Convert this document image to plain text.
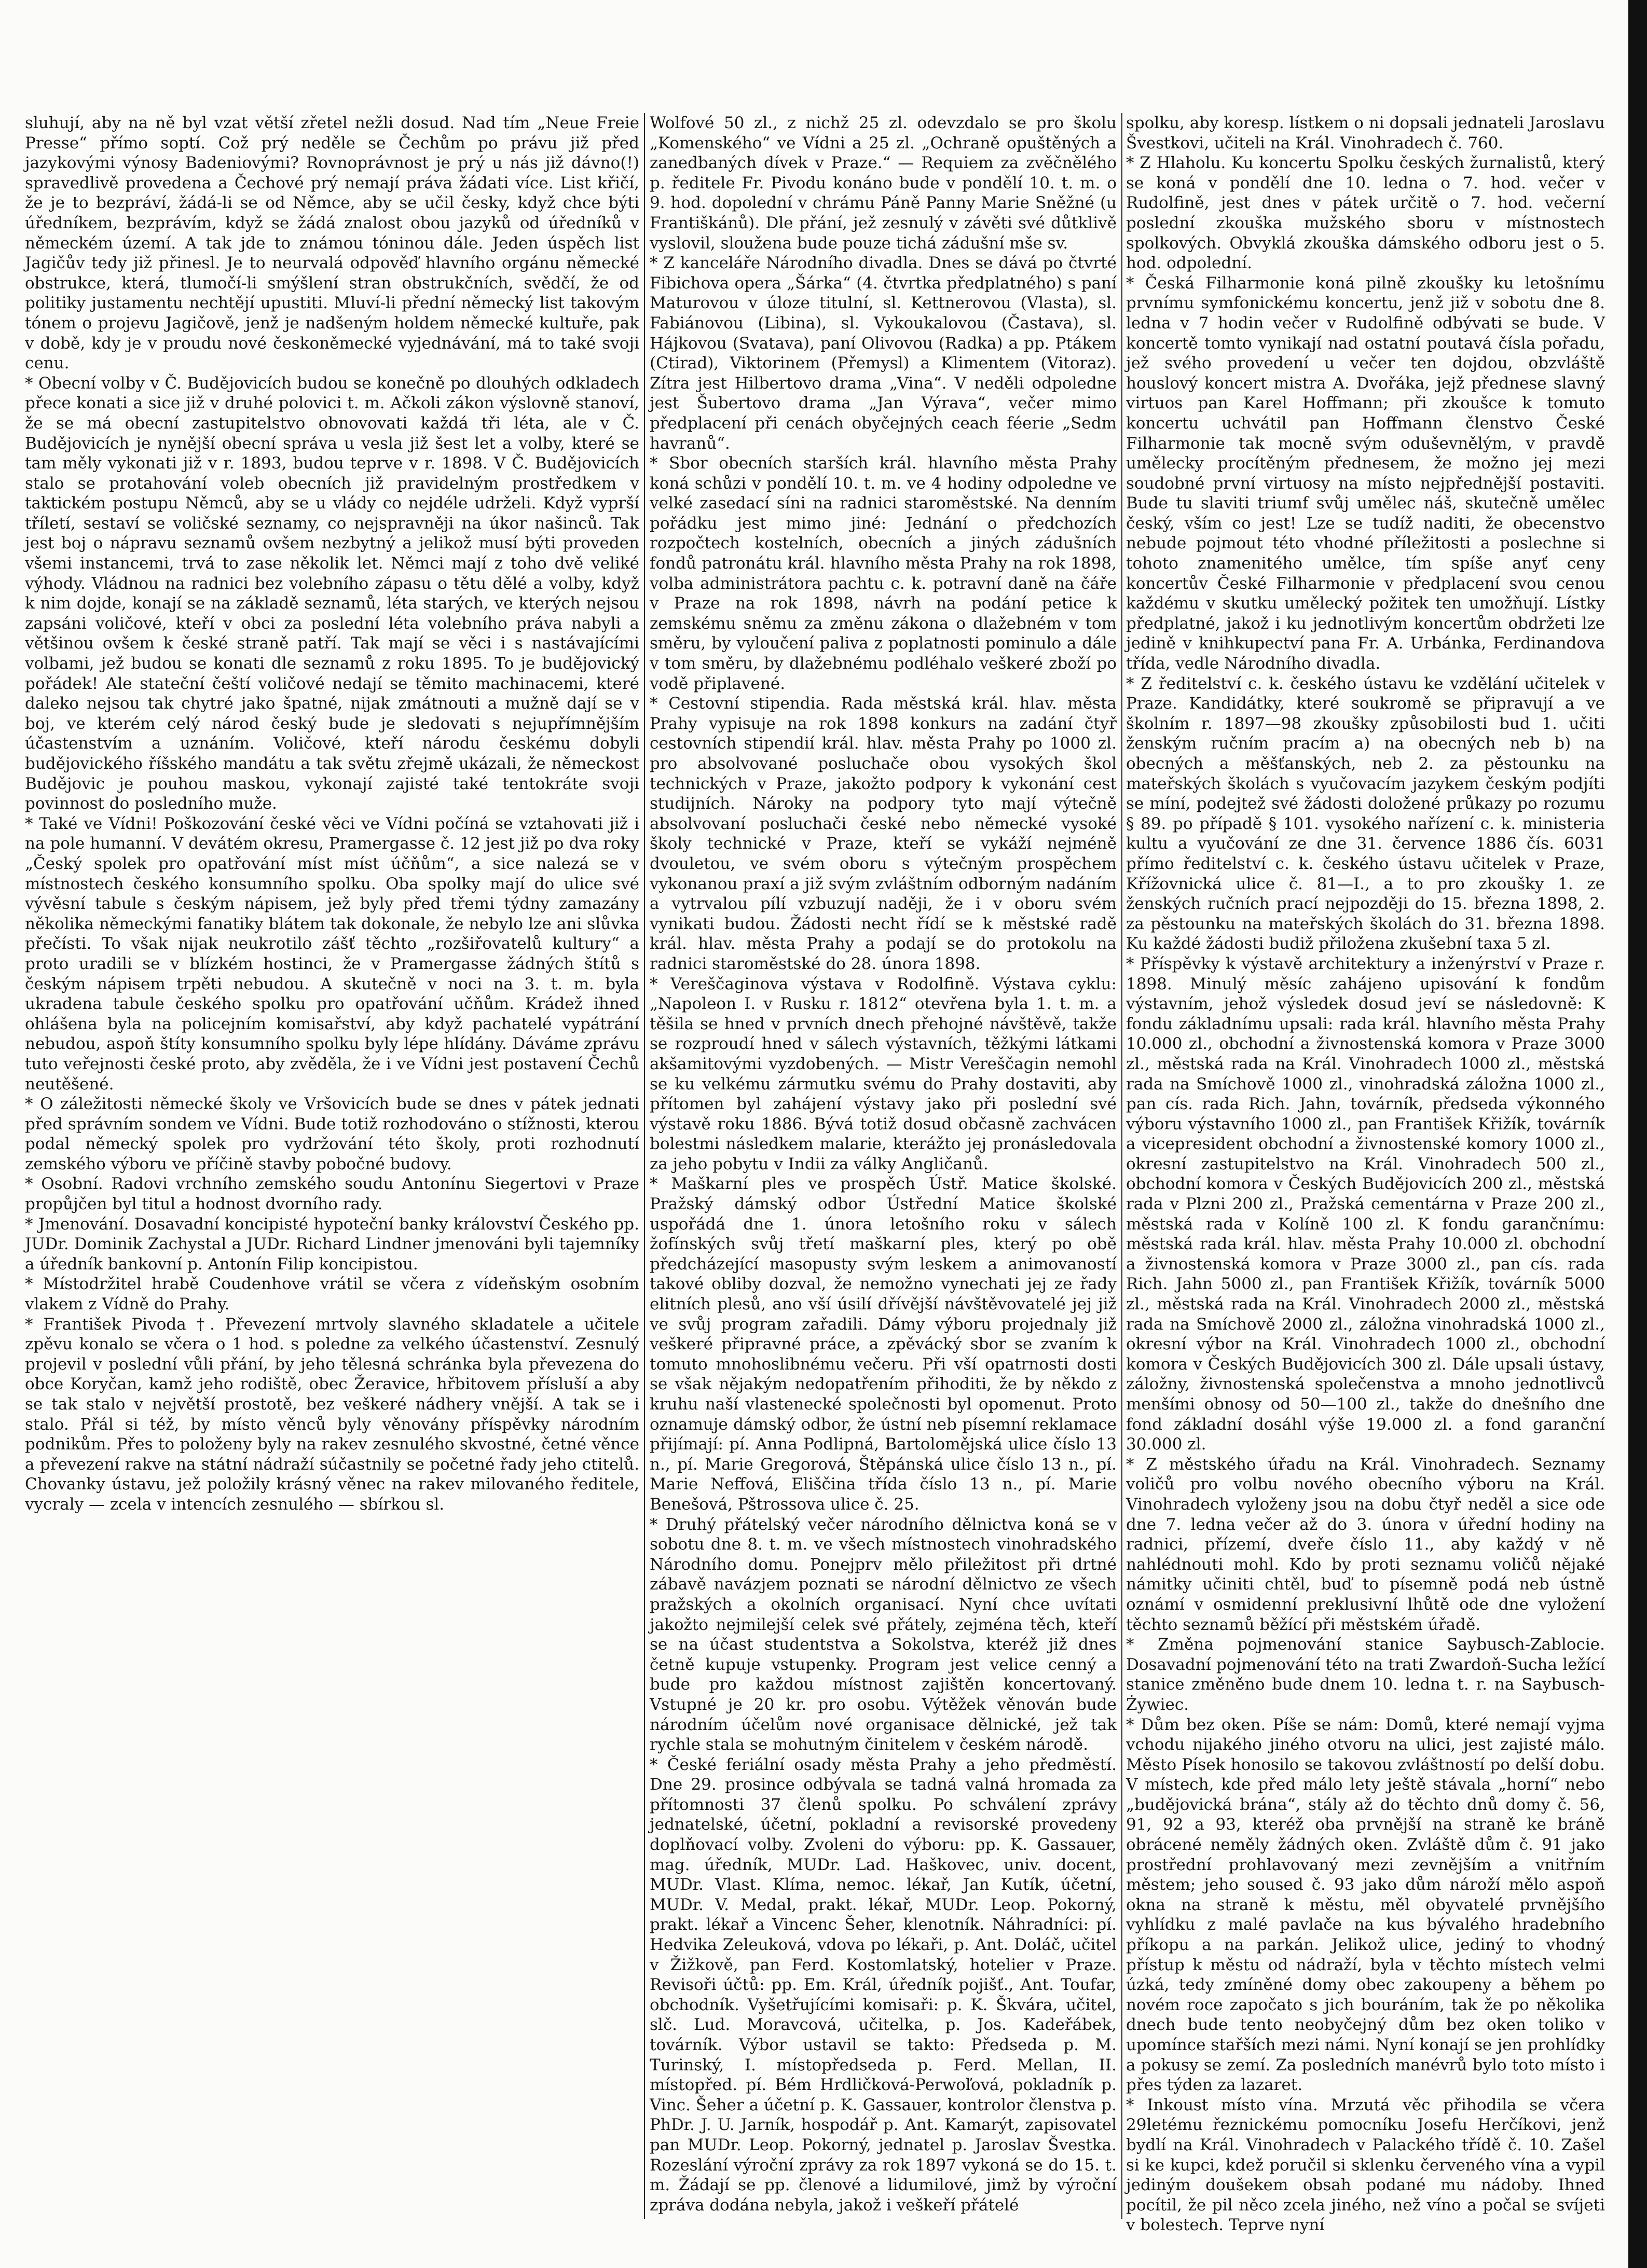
sluhují, aby na ně byl vzat větší zřetel nežli dosud. Nad tím „Neue Freie Presse“ přímo soptí. Což prý neděle se Čechům po právu již před jazykovými výnosy Badeniovými? Rovnoprávnost je prý u nás již dávno(!) spravedlivě provedena a Čechové prý nemají práva žádati více. List křičí, že je to bezpráví, žádá-li se od Němce, aby se učil česky, když chce býti úředníkem, bezprávím, když se žádá znalost obou jazyků od úředníků v německém území. A tak jde to známou tóninou dále. Jeden úspěch list Jagičův tedy již přinesl. Je to neurvalá odpověď hlavního orgánu německé obstrukce, která, tlumočí-li smýšlení stran obstrukčních, svědčí, že od politiky justamentu nechtějí upustiti. Mluví-li přední německý list takovým tónem o projevu Jagičově, jenž je nadšeným holdem německé kultuře, pak v době, kdy je v proudu nové českoněmecké vyjednávání, má to také svoji cenu.

* Obecní volby v Č. Budějovicích budou se konečně po dlouhých odkladech přece konati a sice již v druhé polovici t. m. Ačkoli zákon výslovně stanoví, že se má obecní zastupitelstvo obnovovati každá tři léta, ale v Č. Budějovicích je nynější obecní správa u vesla již šest let a volby, které se tam měly vykonati již v r. 1893, budou teprve v r. 1898. V Č. Budějovicích stalo se protahování voleb obecních již pravidelným prostředkem v taktickém postupu Němců, aby se u vlády co nejdéle udrželi. Když vyprší tříletí, sestaví se voličské seznamy, co nejspravněji na úkor našinců. Tak jest boj o nápravu seznamů ovšem nezbytný a jelikož musí býti proveden všemi instancemi, trvá to zase několik let. Němci mají z toho dvě veliké výhody. Vládnou na radnici bez volebního zápasu o tětu dělé a volby, když k nim dojde, konají se na základě seznamů, léta starých, ve kterých nejsou zapsáni voličové, kteří v obci za poslední léta volebního práva nabyli a většinou ovšem k české straně patří. Tak mají se věci i s nastávajícími volbami, jež budou se konati dle seznamů z roku 1895. To je budějovický pořádek! Ale stateční čeští voličové nedají se těmito machinacemi, které daleko nejsou tak chytré jako špatné, nijak zmátnouti a mužně dají se v boj, ve kterém celý národ český bude je sledovati s nejupřímnějším účastenstvím a uznáním. Voličové, kteří národu českému dobyli budějovického říšského mandátu a tak světu zřejmě ukázali, že německost Budějovic je pouhou maskou, vykonají zajisté také tentokráte svoji povinnost do posledního muže.

* Také ve Vídni! Poškozování české věci ve Vídni počíná se vztahovati již i na pole humanní. V devátém okresu, Pramergasse č. 12 jest již po dva roky „Český spolek pro opatřování míst míst účňům“, a sice nalezá se v místnostech českého konsumního spolku. Oba spolky mají do ulice své vývěsní tabule s českým nápisem, jež byly před třemi týdny zamazány několika německými fanatiky blátem tak dokonale, že nebylo lze ani slůvka přečísti. To však nijak neukrotilo zášť těchto „rozšiřovatelů kultury“ a proto uradili se v blízkém hostinci, že v Pramergasse žádných štítů s českým nápisem trpěti nebudou. A skutečně v noci na 3. t. m. byla ukradena tabule českého spolku pro opatřování učňům. Krádež ihned ohlášena byla na policejním komisařství, aby když pachatelé vypátrání nebudou, aspoň štíty konsumního spolku byly lépe hlídány. Dáváme zprávu tuto veřejnosti české proto, aby zvěděla, že i ve Vídni jest postavení Čechů neutěšené.

* O záležitosti německé školy ve Vršovicích bude se dnes v pátek jednati před správním sondem ve Vídni. Bude totiž rozhodováno o stížnosti, kterou podal německý spolek pro vydržování této školy, proti rozhodnutí zemského výboru ve příčině stavby pobočné budovy.

* Osobní. Radovi vrchního zemského soudu Antonínu Siegertovi v Praze propůjčen byl titul a hodnost dvorního rady.

* Jmenování. Dosavadní koncipisté hypoteční banky království Českého pp. JUDr. Dominik Zachystal a JUDr. Richard Lindner jmenováni byli tajemníky a úředník bankovní p. Antonín Filip koncipistou.

* Místodržitel hrabě Coudenhove vrátil se včera z vídeňským osobním vlakem z Vídně do Prahy.

* František Pivoda †. Převezení mrtvoly slavného skladatele a učitele zpěvu konalo se včera o 1 hod. s poledne za velkého účastenství. Zesnulý projevil v poslední vůli přání, by jeho tělesná schránka byla převezena do obce Koryčan, kamž jeho rodiště, obec Žeravice, hřbitovem přísluší a aby se tak stalo v největší prostotě, bez veškeré nádhery vnější. A tak se i stalo. Přál si též, by místo věnců byly věnovány příspěvky národním podnikům. Přes to položeny byly na rakev zesnulého skvostné, četné věnce a převezení rakve na státní nádraží súčastnily se početné řady jeho ctitelů. Chovanky ústavu, jež položily krásný věnec na rakev milovaného ředitele, vycraly — zcela v intencích zesnulého — sbírkou sl.

Wolfové 50 zl., z nichž 25 zl. odevzdalo se pro školu „Komenského“ ve Vídni a 25 zl. „Ochraně opuštěných a zanedbaných dívek v Praze.“ — Requiem za zvěčnělého p. ředitele Fr. Pivodu konáno bude v pondělí 10. t. m. o 9. hod. dopolední v chrámu Páně Panny Marie Sněžné (u Františkánů). Dle přání, jež zesnulý v závěti své důtklivě vyslovil, sloužena bude pouze tichá zádušní mše sv.

* Z kanceláře Národního divadla. Dnes se dává po čtvrté Fibichova opera „Šárka“ (4. čtvrtka předplatného) s paní Maturovou v úloze titulní, sl. Kettnerovou (Vlasta), sl. Fabiánovou (Libina), sl. Vykoukalovou (Častava), sl. Hájkovou (Svatava), paní Olivovou (Radka) a pp. Ptákem (Ctirad), Viktorinem (Přemysl) a Klimentem (Vitoraz). Zítra jest Hilbertovo drama „Vina“. V neděli odpoledne jest Šubertovo drama „Jan Výrava“, večer mimo předplacení při cenách obyčejných ceach féerie „Sedm havranů“.

* Sbor obecních starších král. hlavního města Prahy koná schůzi v pondělí 10. t. m. ve 4 hodiny odpoledne ve velké zasedací síni na radnici staroměstské. Na denním pořádku jest mimo jiné: Jednání o předchozích rozpočtech kostelních, obecních a jiných zádušních fondů patronátu král. hlavního města Prahy na rok 1898, volba administrátora pachtu c. k. potravní daně na čáře v Praze na rok 1898, návrh na podání petice k zemskému sněmu za změnu zákona o dlažebném v tom směru, by vyloučení paliva z poplatnosti pominulo a dále v tom směru, by dlažebnému podléhalo veškeré zboží po vodě připlavené.

* Cestovní stipendia. Rada městská král. hlav. města Prahy vypisuje na rok 1898 konkurs na zadání čtyř cestovních stipendií král. hlav. města Prahy po 1000 zl. pro absolvované posluchače obou vysokých škol technických v Praze, jakožto podpory k vykonání cest studijních. Nároky na podpory tyto mají výtečně absolvovaní posluchači české nebo německé vysoké školy technické v Praze, kteří se vykáží nejméně dvouletou, ve svém oboru s výtečným prospěchem vykonanou praxí a již svým zvláštním odborným nadáním a vytrvalou pílí vzbuzují naději, že i v oboru svém vynikati budou. Žádosti necht řídí se k městské radě král. hlav. města Prahy a podají se do protokolu na radnici staroměstské do 28. února 1898.

* Vereščaginova výstava v Rodolfině. Výstava cyklu: „Napoleon I. v Rusku r. 1812“ otevřena byla 1. t. m. a těšila se hned v prvních dnech přehojné návštěvě, takže se rozproudí hned v sálech výstavních, těžkými látkami akšamitovými vyzdobených. — Mistr Vereščagin nemohl se ku velkému zármutku svému do Prahy dostaviti, aby přítomen byl zahájení výstavy jako při poslední své výstavě roku 1886. Bývá totiž dosud občasně zachvácen bolestmi následkem malarie, kterážto jej pronásledovala za jeho pobytu v Indii za války Angličanů.

* Maškarní ples ve prospěch Ústř. Matice školské. Pražský dámský odbor Ústřední Matice školské uspořádá dne 1. února letošního roku v sálech žofínských svůj třetí maškarní ples, který po obě předcházející masopusty svým leskem a animovaností takové obliby dozval, že nemožno vynechati jej ze řady elitních plesů, ano vší úsilí dřívější návštěvovatelé jej již ve svůj program zařadili. Dámy výboru projednaly již veškeré připravné práce, a zpěvácký sbor se zvaním k tomuto mnohoslibnému večeru. Při vší opatrnosti dosti se však nějakým nedopatřením přihoditi, že by někdo z kruhu naší vlastenecké společnosti byl opomenut. Proto oznamuje dámský odbor, že ústní neb písemní reklamace přijímají: pí. Anna Podlipná, Bartolomějská ulice číslo 13 n., pí. Marie Gregorová, Štěpánská ulice číslo 13 n., pí. Marie Neffová, Eliščina třída číslo 13 n., pí. Marie Benešová, Pštrossova ulice č. 25.

* Druhý přátelský večer národního dělnictva koná se v sobotu dne 8. t. m. ve všech místnostech vinohradského Národního domu. Ponejprv mělo přiležitost při drtné zábavě navázjem poznati se národní dělnictvo ze všech pražských a okolních organisací. Nyní chce uvítati jakožto nejmilejší celek své přátely, zejména těch, kteří se na účast studentstva a Sokolstva, kteréž již dnes četně kupuje vstupenky. Program jest velice cenný a bude pro každou místnost zajištěn koncertovaný. Vstupné je 20 kr. pro osobu. Výtěžek věnován bude národním účelům nové organisace dělnické, jež tak rychle stala se mohutným činitelem v českém národě.

* České feriální osady města Prahy a jeho předměstí. Dne 29. prosince odbývala se tadná valná hromada za přítomnosti 37 členů spolku. Po schválení zprávy jednatelské, účetní, pokladní a revisorské provedeny doplňovací volby. Zvoleni do výboru: pp. K. Gassauer, mag. úředník, MUDr. Lad. Haškovec, univ. docent, MUDr. Vlast. Klíma, nemoc. lékař, Jan Kutík, účetní, MUDr. V. Medal, prakt. lékař, MUDr. Leop. Pokorný, prakt. lékař a Vincenc Šeher, klenotník. Náhradníci: pí. Hedvika Zeleuková, vdova po lékaři, p. Ant. Doláč, učitel v Žižkově, pan Ferd. Kostomlatský, hotelier v Praze. Revisoři účtů: pp. Em. Král, úředník pojišť., Ant. Toufar, obchodník. Vyšetřujícími komisaři: p. K. Škvára, učitel, slč. Lud. Moravcová, učitelka, p. Jos. Kadeřábek, továrník. Výbor ustavil se takto: Předseda p. M. Turinský, I. místopředseda p. Ferd. Mellan, II. místopřed. pí. Bém Hrdličková-Perwoľová, pokladník p. Vinc. Šeher a účetní p. K. Gassauer, kontrolor členstva p. PhDr. J. U. Jarník, hospodář p. Ant. Kamarýt, zapisovatel pan MUDr. Leop. Pokorný, jednatel p. Jaroslav Švestka. Rozeslání výroční zprávy za rok 1897 vykoná se do 15. t. m. Žádají se pp. členové a lidumilové, jimž by výroční zpráva dodána nebyla, jakož i veškeří přátelé

spolku, aby koresp. lístkem o ni dopsali jednateli Jaroslavu Švestkovi, učiteli na Král. Vinohradech č. 760.

* Z Hlaholu. Ku koncertu Spolku českých žurnalistů, který se koná v pondělí dne 10. ledna o 7. hod. večer v Rudolfině, jest dnes v pátek určitě o 7. hod. večerní poslední zkouška mužského sboru v místnostech spolkových. Obvyklá zkouška dámského odboru jest o 5. hod. odpolední.

* Česká Filharmonie koná pilně zkoušky ku letošnímu prvnímu symfonickému koncertu, jenž již v sobotu dne 8. ledna v 7 hodin večer v Rudolfině odbývati se bude. V koncertě tomto vynikají nad ostatní poutavá čísla pořadu, jež svého provedení u večer ten dojdou, obzvláště houslový koncert mistra A. Dvořáka, jejž přednese slavný virtuos pan Karel Hoffmann; při zkoušce k tomuto koncertu uchvátil pan Hoffmann členstvo České Filharmonie tak mocně svým oduševnělým, v pravdě umělecky procítěným přednesem, že možno jej mezi soudobné první virtuosy na místo nejpřednější postaviti. Bude tu slaviti triumf svůj umělec náš, skutečně umělec český, vším co jest! Lze se tudíž naditi, že obecenstvo nebude pojmout této vhodné příležitosti a poslechne si tohoto znamenitého umělce, tím spíše anyť ceny koncertův České Filharmonie v předplacení svou cenou každému v skutku umělecký požitek ten umožňují. Lístky předplatné, jakož i ku jednotlivým koncertům obdržeti lze jedině v knihkupectví pana Fr. A. Urbánka, Ferdinandova třída, vedle Národního divadla.

* Z ředitelství c. k. českého ústavu ke vzdělání učitelek v Praze. Kandidátky, které soukromě se připravují a ve školním r. 1897—98 zkoušky způsobilosti bud 1. učiti ženským ručním pracím a) na obecných neb b) na obecných a měšťanských, neb 2. za pěstounku na mateřských školách s vyučovacím jazykem českým podjíti se míní, podejtež své žádosti doložené průkazy po rozumu § 89. po případě § 101. vysokého nařízení c. k. ministeria kultu a vyučování ze dne 31. července 1886 čís. 6031 přímo ředitelství c. k. českého ústavu učitelek v Praze, Křížovnická ulice č. 81—I., a to pro zkoušky 1. ze ženských ručních prací nejpozději do 15. března 1898, 2. za pěstounku na mateřských školách do 31. března 1898. Ku každé žádosti budiž přiložena zkušební taxa 5 zl.

* Příspěvky k výstavě architektury a inženýrství v Praze r. 1898. Minulý měsíc zahájeno upisování k fondům výstavním, jehož výsledek dosud jeví se následovně: K fondu základnímu upsali: rada král. hlavního města Prahy 10.000 zl., obchodní a živnostenská komora v Praze 3000 zl., městská rada na Král. Vinohradech 1000 zl., městská rada na Smíchově 1000 zl., vinohradská záložna 1000 zl., pan cís. rada Rich. Jahn, továrník, předseda výkonného výboru výstavního 1000 zl., pan František Křižík, továrník a vicepresident obchodní a živnostenské komory 1000 zl., okresní zastupitelstvo na Král. Vinohradech 500 zl., obchodní komora v Českých Budějovicích 200 zl., městská rada v Plzni 200 zl., Pražská cementárna v Praze 200 zl., městská rada v Kolíně 100 zl. K fondu garančnímu: městská rada král. hlav. města Prahy 10.000 zl. obchodní a živnostenská komora v Praze 3000 zl., pan cís. rada Rich. Jahn 5000 zl., pan František Křižík, továrník 5000 zl., městská rada na Král. Vinohradech 2000 zl., městská rada na Smíchově 2000 zl., záložna vinohradská 1000 zl., okresní výbor na Král. Vinohradech 1000 zl., obchodní komora v Českých Budějovicích 300 zl. Dále upsali ústavy, záložny, živnostenská společenstva a mnoho jednotlivců menšími obnosy od 50—100 zl., takže do dnešního dne fond základní dosáhl výše 19.000 zl. a fond garanční 30.000 zl.

* Z městského úřadu na Král. Vinohradech. Seznamy voličů pro volbu nového obecního výboru na Král. Vinohradech vyloženy jsou na dobu čtyř neděl a sice ode dne 7. ledna večer až do 3. února v úřední hodiny na radnici, přízemí, dveře číslo 11., aby každý v ně nahlédnouti mohl. Kdo by proti seznamu voličů nějaké námitky učiniti chtěl, buď to písemně podá neb ústně oznámí v osmidenní preklusivní lhůtě ode dne vyložení těchto seznamů běžící při městském úřadě.

* Změna pojmenování stanice Saybusch-Zablocie. Dosavadní pojmenování této na trati Zwardoň-Sucha ležící stanice změněno bude dnem 10. ledna t. r. na Saybusch-Żywiec.

* Dům bez oken. Píše se nám: Domů, které nemají vyjma vchodu nijakého jiného otvoru na ulici, jest zajisté málo. Město Písek honosilo se takovou zvláštností po delší dobu. V místech, kde před málo lety ještě stávala „horní“ nebo „budějovická brána“, stály až do těchto dnů domy č. 56, 91, 92 a 93, kteréž oba prvnější na straně ke bráně obrácené neměly žádných oken. Zvláště dům č. 91 jako prostřední prohlavovaný mezi zevnějším a vnitřním městem; jeho soused č. 93 jako dům nároží mělo aspoň okna na straně k městu, měl obyvatelé prvnějšího vyhlídku z malé pavlače na kus bývalého hradebního příkopu a na parkán. Jelikož ulice, jediný to vhodný přístup k městu od nádraží, byla v těchto místech velmi úzká, tedy zmíněné domy obec zakoupeny a během po novém roce započato s jich bouráním, tak že po několika dnech bude tento neobyčejný dům bez oken toliko v upomínce stařších mezi námi. Nyní konají se jen prohlídky a pokusy se zemí. Za posledních manévrů bylo toto místo i přes týden za lazaret.

* Inkoust místo vína. Mrzutá věc přihodila se včera 29letému řeznickému pomocníku Josefu Herčíkovi, jenž bydlí na Král. Vinohradech v Palackého třídě č. 10. Zašel si ke kupci, kdež poručil si sklenku červeného vína a vypil jediným doušekem obsah podané mu nádoby. Ihned pocítil, že pil něco zcela jiného, než víno a počal se svíjeti v bolestech. Teprve nyní
